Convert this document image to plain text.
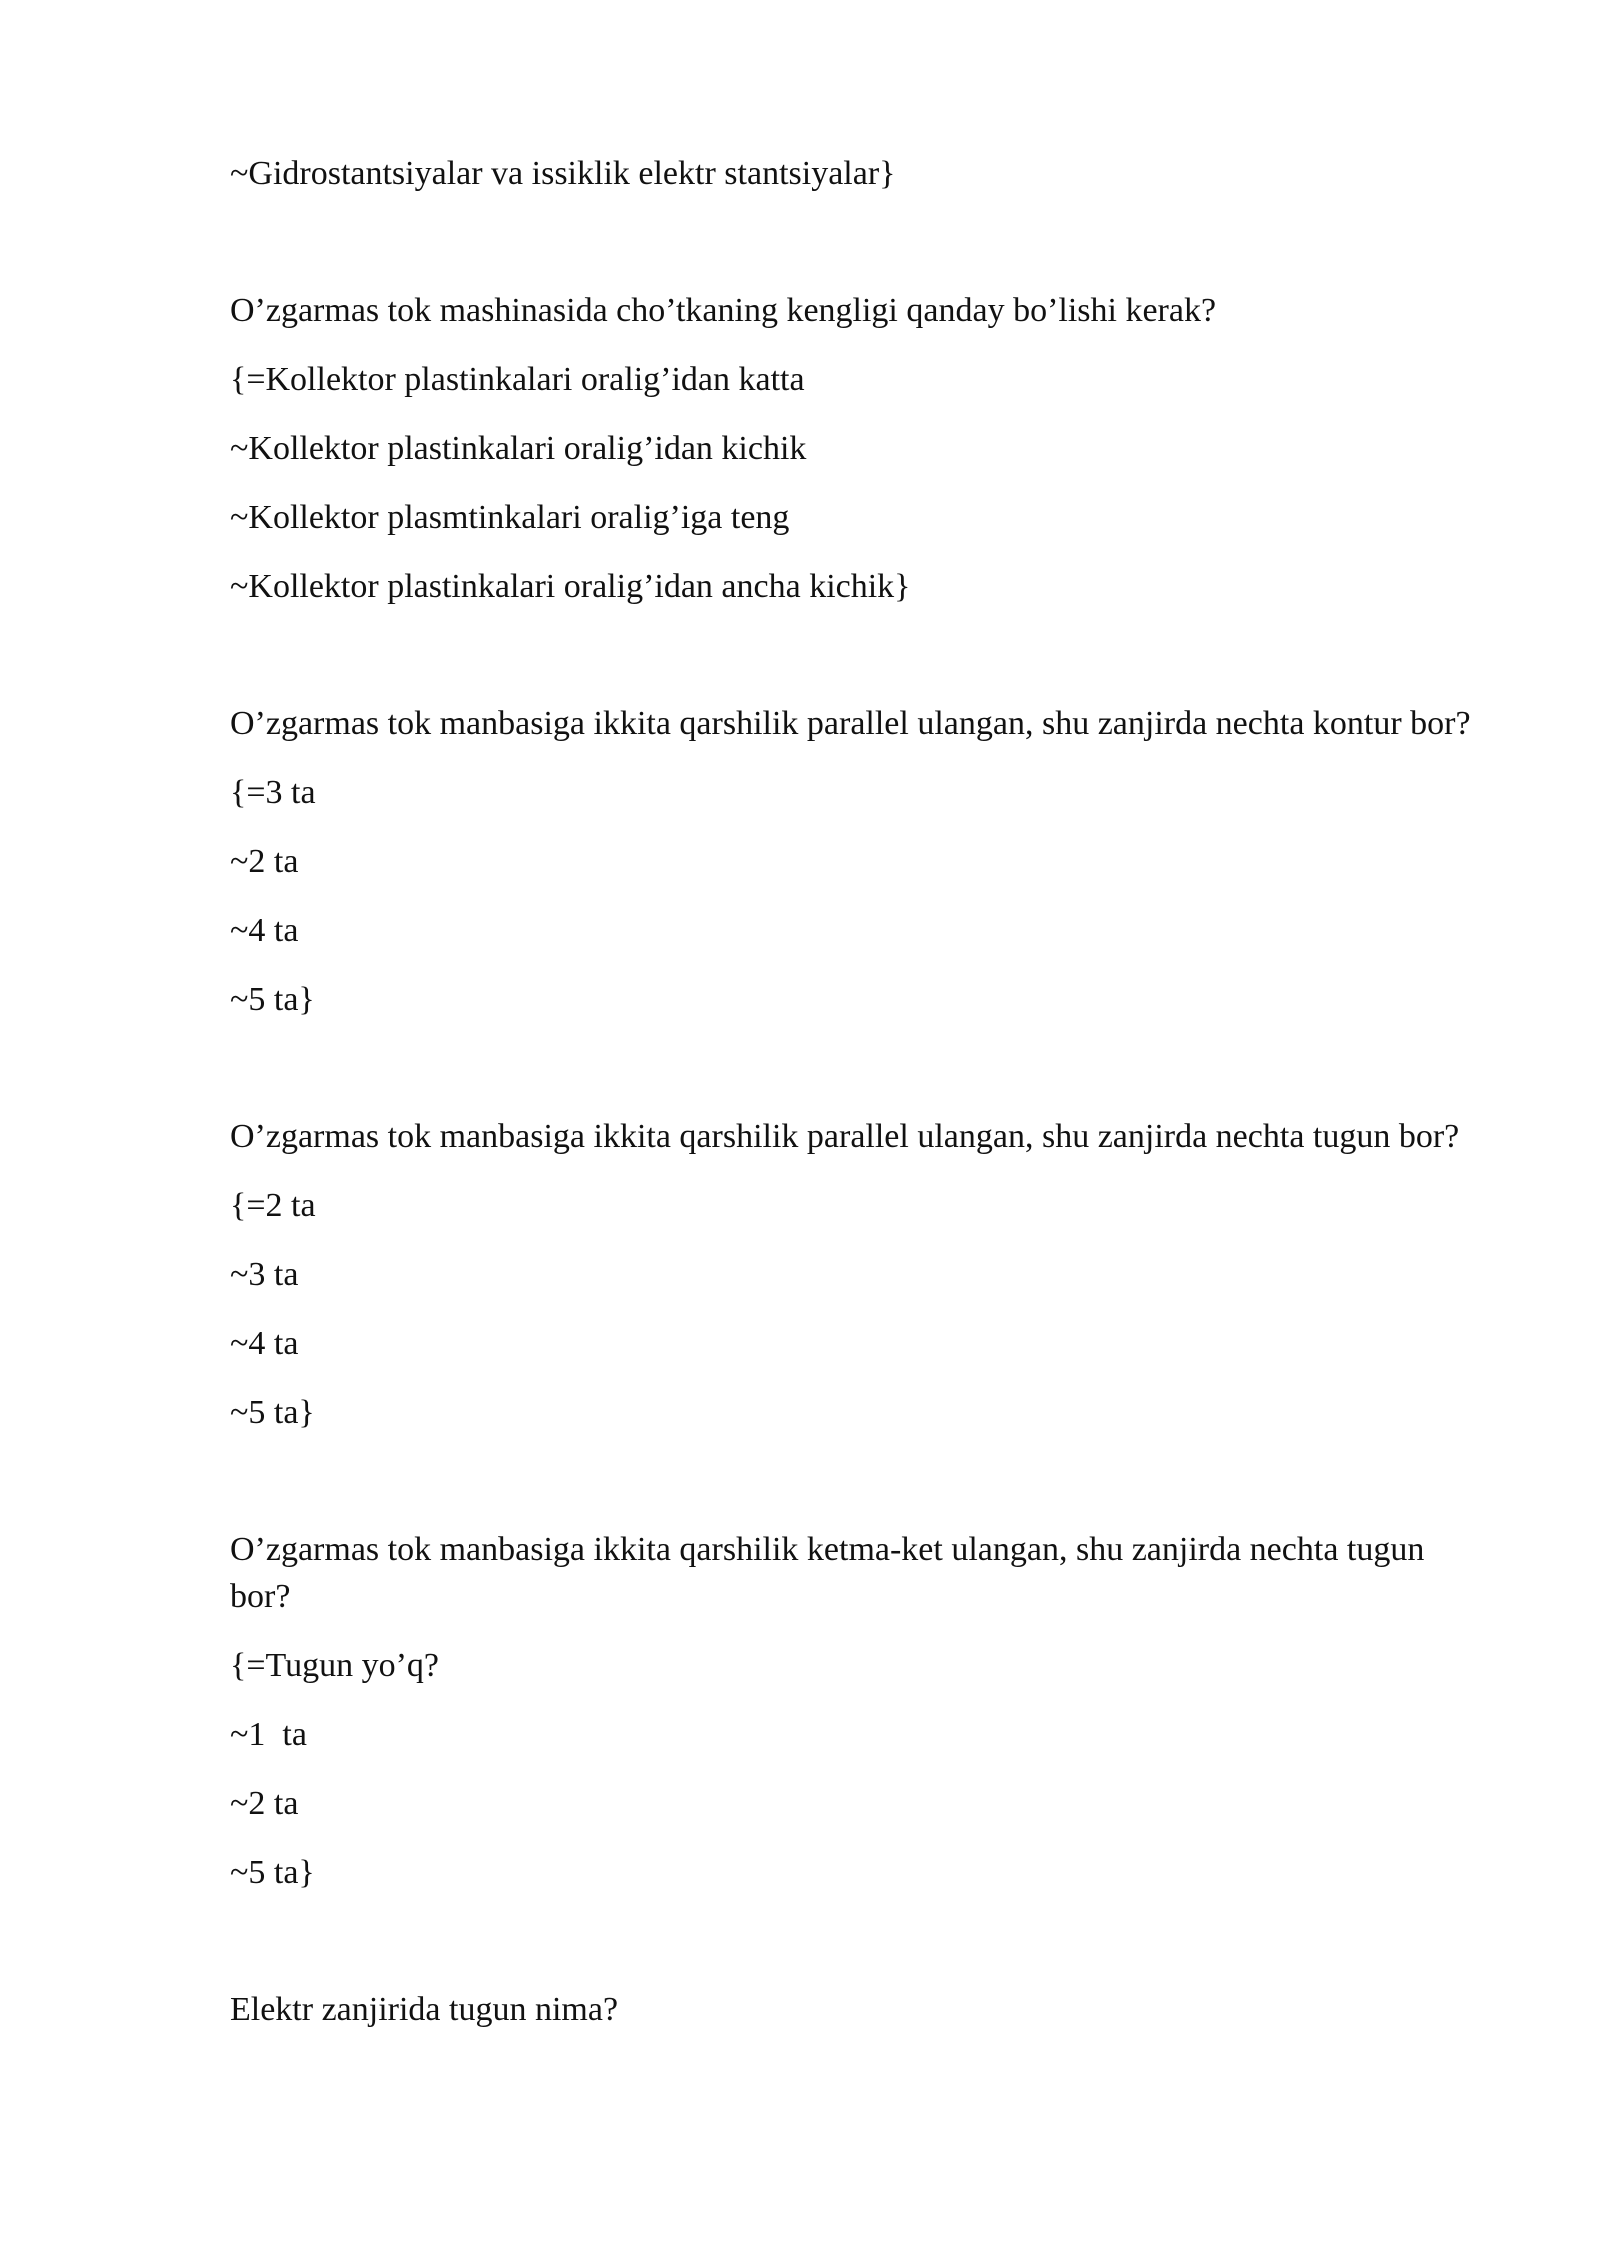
~Gidrostantsiyalar va issiklik elektr stantsiyalar}
O’zgarmas tok mashinasida cho’tkaning kengligi qanday bo’lishi kerak?
{=Kollektor plastinkalari oralig’idan katta
~Kollektor plastinkalari oralig’idan kichik
~Kollektor plasmtinkalari oralig’iga teng
~Kollektor plastinkalari oralig’idan ancha kichik}
O’zgarmas tok manbasiga ikkita qarshilik parallel ulangan, shu zanjirda nechta kontur bor?
{=3 ta
~2 ta
~4 ta
~5 ta}
O’zgarmas tok manbasiga ikkita qarshilik parallel ulangan, shu zanjirda nechta tugun bor?
{=2 ta
~3 ta
~4 ta
~5 ta}
O’zgarmas tok manbasiga ikkita qarshilik ketma-ket ulangan, shu zanjirda nechta tugun bor?
{=Tugun yo’q?
~1  ta
~2 ta
~5 ta}
Elektr zanjirida tugun nima?
